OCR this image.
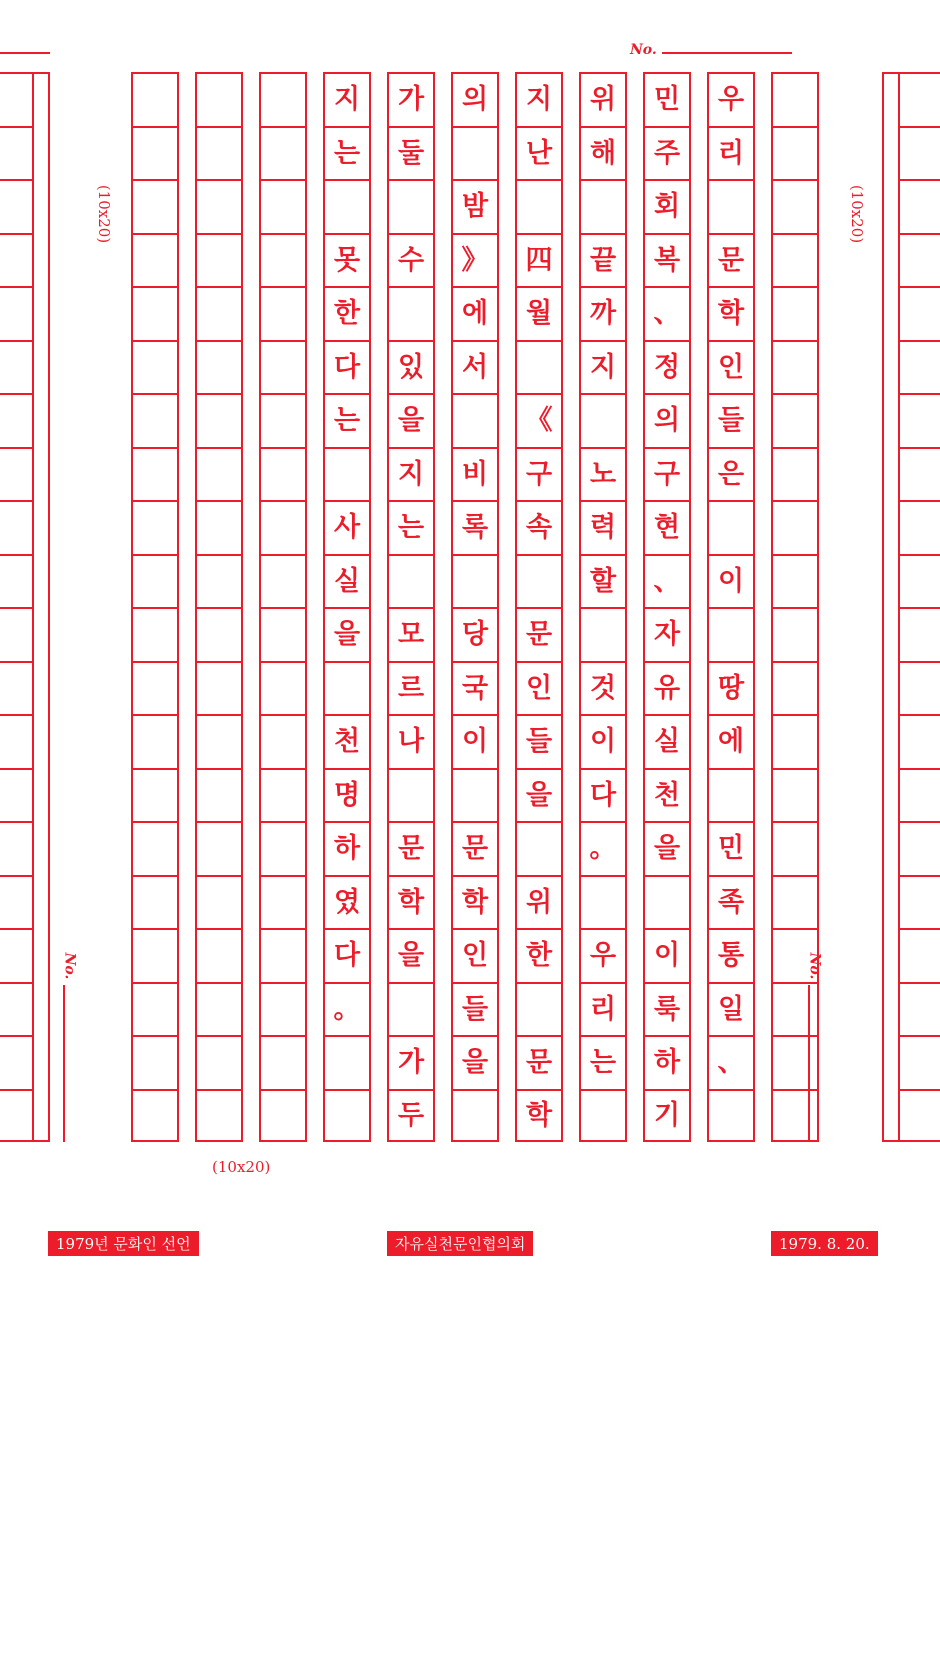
No.
No.	No.
(10x20)	(10x20)
(10x20)
지
는
못
한
다
는
사
실
을
천
명
하
였
다
。
가
둘
수
있
을
지
는
모
르
나
문
학
을
가
두
의
밤
》
에
서
비
록
당
국
이
문
학
인
들
을
지
난
四
월
《
구
속
문
인
들
을
위
한
문
학
위
해
끝
까
지
노
력
할
것
이
다
。
우
리
는
민
주
회
복
、
정
의
구
현
、
자
유
실
천
을
이
룩
하
기
우
리
문
학
인
들
은
이
땅
에
민
족
통
일
、
1979년 문화인 선언	자유실천문인협의회	1979. 8. 20.
